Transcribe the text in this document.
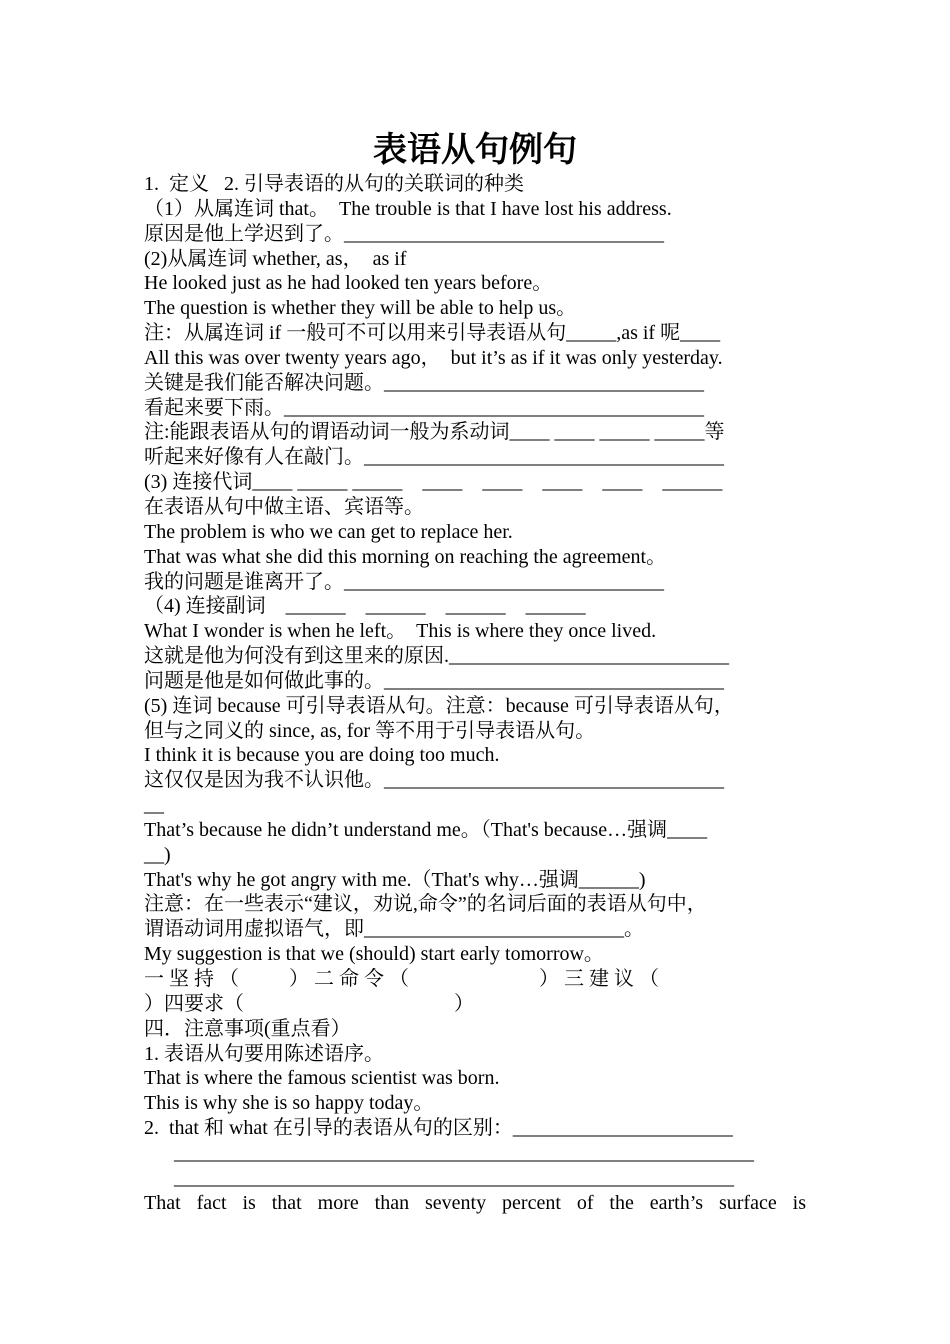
表语从句例句
1.  定义   2. 引导表语的从句的关联词的种类
（1）从属连词 that。  The trouble is that I have lost his address.
原因是他上学迟到了。________________________________
(2)从属连词 whether, as，  as if
He looked just as he had looked ten years before。
The question is whether they will be able to help us。
注：从属连词 if 一般可不可以用来引导表语从句_____,as if 呢____
All this was over twenty years ago，  but it’s as if it was only yesterday.
关键是我们能否解决问题。________________________________
看起来要下雨。__________________________________________
注:能跟表语从句的谓语动词一般为系动词____ ____ _____ _____等
听起来好像有人在敲门。____________________________________
(3) 连接代词____ _____ _____    ____    ____    ____    ____    ______
在表语从句中做主语、宾语等。
The problem is who we can get to replace her.
That was what she did this morning on reaching the agreement。
我的问题是谁离开了。________________________________
（4) 连接副词    ______    ______    ______    ______
What I wonder is when he left。  This is where they once lived.
这就是他为何没有到这里来的原因.____________________________
问题是他是如何做此事的。__________________________________
(5) 连词 because 可引导表语从句。注意：because 可引导表语从句，
但与之同义的 since, as, for 等不用于引导表语从句。
I think it is because you are doing too much.
这仅仅是因为我不认识他。__________________________________
__
That’s because he didn’t understand me。（That's because…强调____
__)
That's why he got angry with me.（That's why…强调______)
注意：在一些表示“建议，劝说,命令”的名词后面的表语从句中，
谓语动词用虚拟语气，即__________________________。
My suggestion is that we (should) start early tomorrow。
一 坚 持 （          ） 二 命 令 （                          ） 三 建 议 （
）四要求（                                          ）
四．注意事项(重点看）
1. 表语从句要用陈述语序。
That is where the famous scientist was born.
This is why she is so happy today。
2.  that 和 what 在引导的表语从句的区别：______________________
__________________________________________________________
________________________________________________________
That fact is that more than seventy percent of the earth’s surface is
